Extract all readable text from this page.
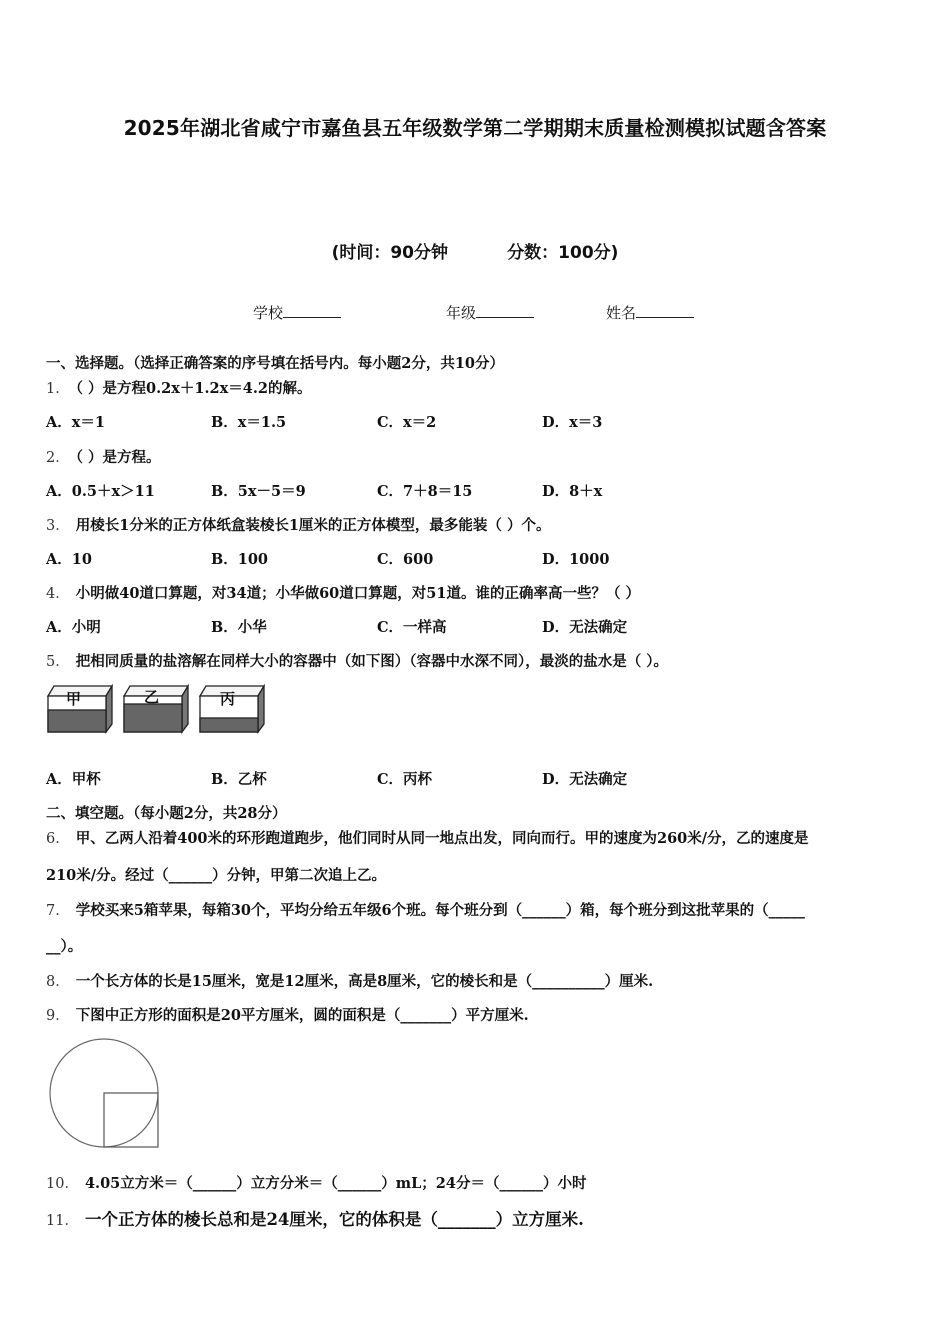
2025年湖北省咸宁市嘉鱼县五年级数学第二学期期末质量检测模拟试题含答案
(时间：90分钟          分数：100分)
学校	年级	姓名
一、选择题。（选择正确答案的序号填在括号内。每小题2分，共10分）
1． （ ）是方程0.2x＋1.2x＝4.2的解。
A．x＝1	B．x＝1.5	C．x＝2	D．x＝3
2． （ ）是方程。
A．0.5＋x＞11	B．5x－5＝9	C．7＋8＝15	D．8＋x
3． 用棱长1分米的正方体纸盒装棱长1厘米的正方体模型，最多能装（ ）个。
A．10	B．100	C．600	D．1000
4． 小明做40道口算题，对34道；小华做60道口算题，对51道。谁的正确率高一些？（ ）
A．小明	B．小华	C．一样高	D．无法确定
5． 把相同质量的盐溶解在同样大小的容器中（如下图）（容器中水深不同），最淡的盐水是（ ）。
甲	乙	丙
A．甲杯	B．乙杯	C．丙杯	D．无法确定
二、填空题。（每小题2分，共28分）
6． 甲、乙两人沿着400米的环形跑道跑步，他们同时从同一地点出发，同向而行。甲的速度为260米/分，乙的速度是
210米/分。经过（______）分钟，甲第二次追上乙。
7． 学校买来5箱苹果，每箱30个，平均分给五年级6个班。每个班分到（______）箱，每个班分到这批苹果的（_____
__）。
8． 一个长方体的长是15厘米，宽是12厘米，高是8厘米，它的棱长和是（__________）厘米.
9． 下图中正方形的面积是20平方厘米，圆的面积是（_______）平方厘米.
10． 4.05立方米＝（______）立方分米＝（______）mL；24分＝（______）小时
11． 一个正方体的棱长总和是24厘米，它的体积是（_______）立方厘米.
